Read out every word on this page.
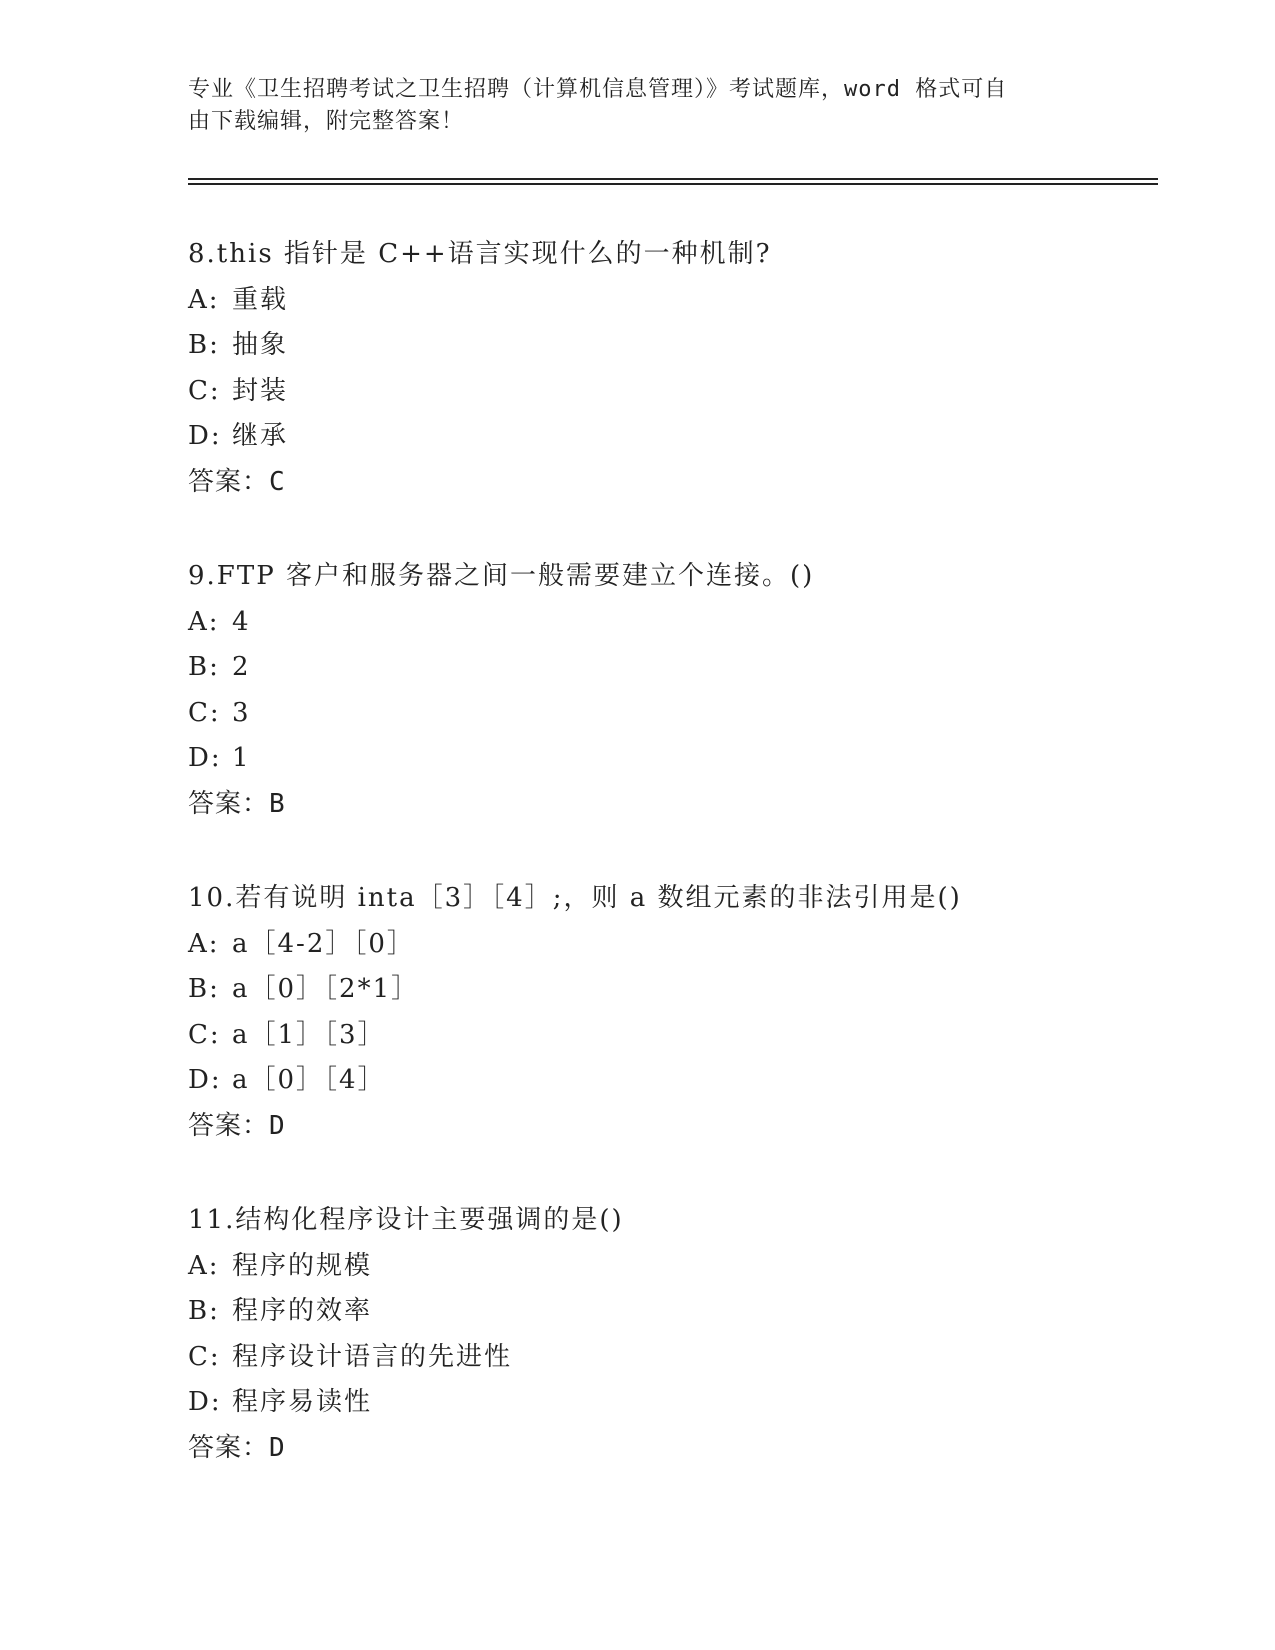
专业《卫生招聘考试之卫生招聘（计算机信息管理）》考试题库，word 格式可自
由下载编辑，附完整答案！
8.this 指针是 C++语言实现什么的一种机制?
A: 重载
B: 抽象
C: 封装
D: 继承
答案：C
9.FTP 客户和服务器之间一般需要建立个连接。()
A: 4
B: 2
C: 3
D: 1
答案：B
10.若有说明 inta［3］［4］;，则 a 数组元素的非法引用是()
A: a［4-2］［0］
B: a［0］［2*1］
C: a［1］［3］
D: a［0］［4］
答案：D
11.结构化程序设计主要强调的是()
A: 程序的规模
B: 程序的效率
C: 程序设计语言的先进性
D: 程序易读性
答案：D
